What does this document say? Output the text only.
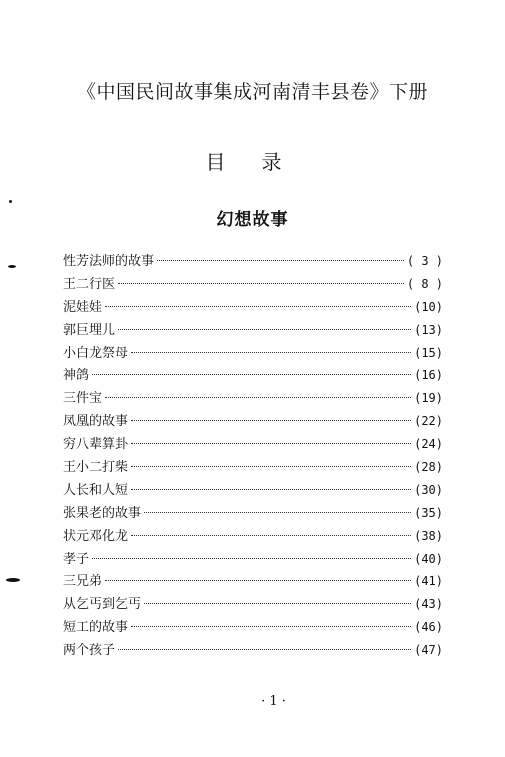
《中国民间故事集成河南清丰县卷》下册
目录
幻想故事
性芳法师的故事	( 3 )
王二行医	( 8 )
泥娃娃	(10)
郭巨埋儿	(13)
小白龙祭母	(15)
神鸽	(16)
三件宝	(19)
凤凰的故事	(22)
穷八辈算卦	(24)
王小二打柴	(28)
人长和人短	(30)
张果老的故事	(35)
状元邓化龙	(38)
孝子	(40)
三兄弟	(41)
从乞丐到乞丐	(43)
短工的故事	(46)
两个孩子	(47)
· 1 ·
